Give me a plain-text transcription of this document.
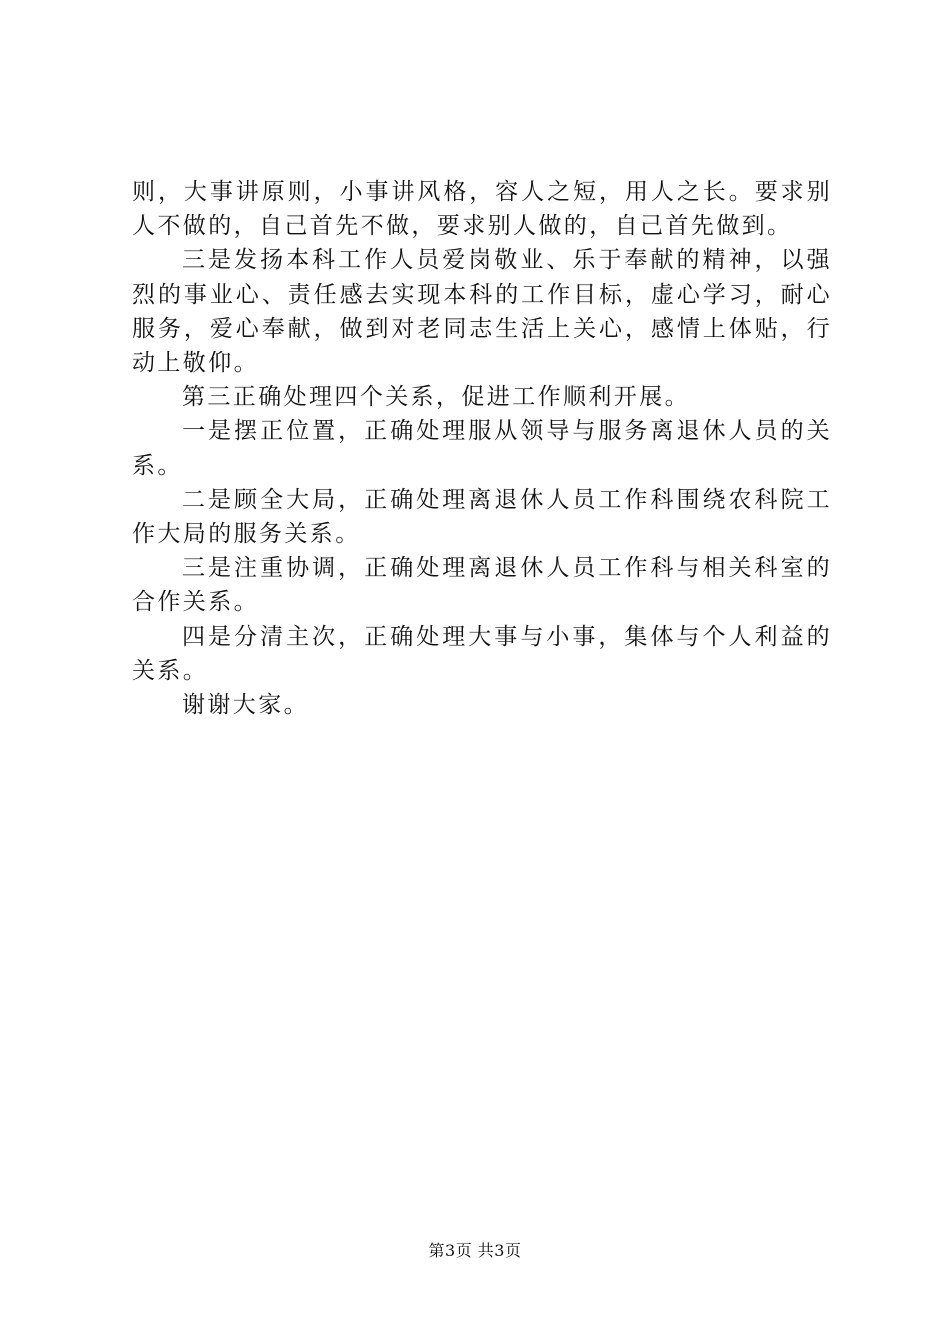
则，大事讲原则，小事讲风格，容人之短，用人之长。要求别人不做的，自己首先不做，要求别人做的，自己首先做到。

三是发扬本科工作人员爱岗敬业、乐于奉献的精神，以强烈的事业心、责任感去实现本科的工作目标，虚心学习，耐心服务，爱心奉献，做到对老同志生活上关心，感情上体贴，行动上敬仰。

第三正确处理四个关系，促进工作顺利开展。

一是摆正位置，正确处理服从领导与服务离退休人员的关系。

二是顾全大局，正确处理离退休人员工作科围绕农科院工作大局的服务关系。

三是注重协调，正确处理离退休人员工作科与相关科室的合作关系。

四是分清主次，正确处理大事与小事，集体与个人利益的关系。

谢谢大家。

第3页 共3页
